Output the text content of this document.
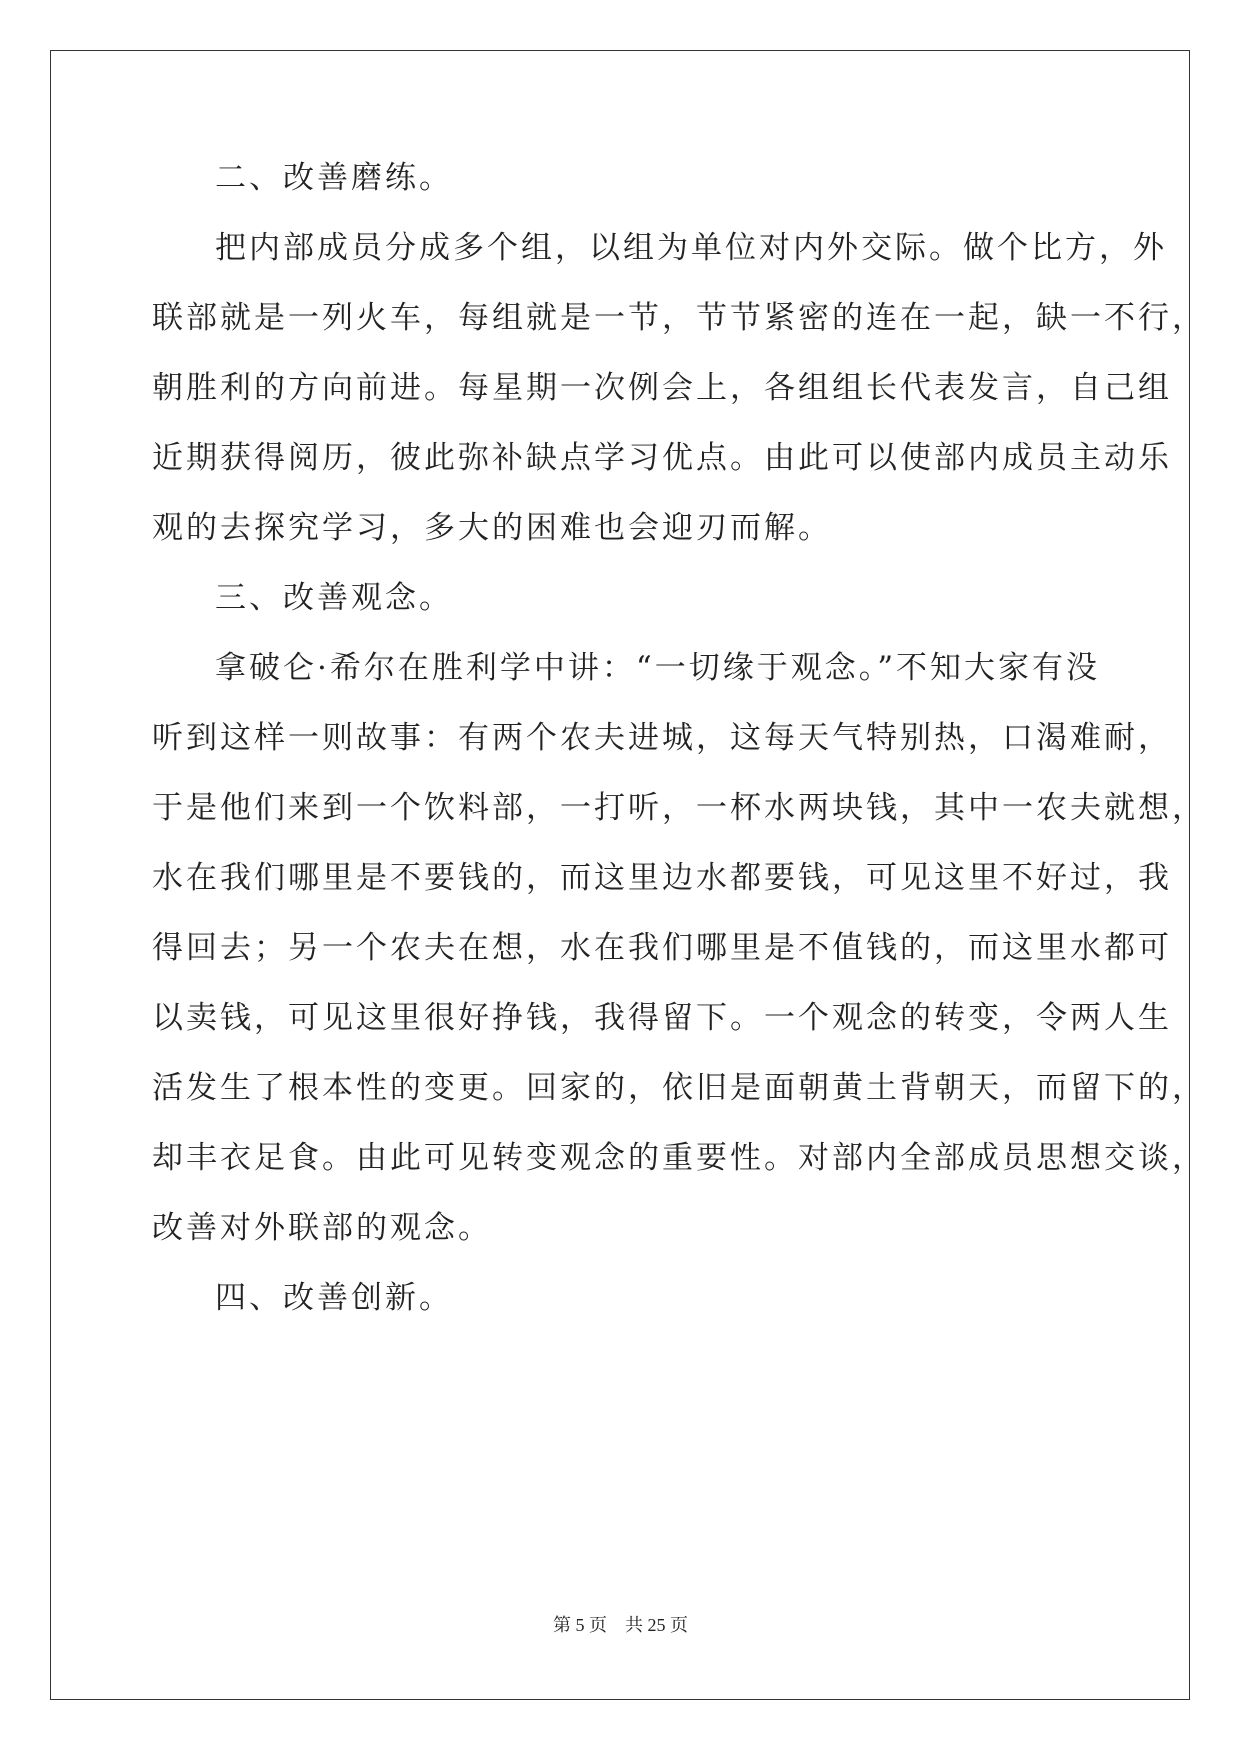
二、改善磨练。

把内部成员分成多个组，以组为单位对内外交际。做个比方，外

联部就是一列火车，每组就是一节，节节紧密的连在一起，缺一不行，

朝胜利的方向前进。每星期一次例会上，各组组长代表发言，自己组

近期获得阅历，彼此弥补缺点学习优点。由此可以使部内成员主动乐

观的去探究学习，多大的困难也会迎刃而解。

三、改善观念。

拿破仑·希尔在胜利学中讲：“一切缘于观念。”不知大家有没

听到这样一则故事：有两个农夫进城，这每天气特别热，口渴难耐，

于是他们来到一个饮料部，一打听，一杯水两块钱，其中一农夫就想，

水在我们哪里是不要钱的，而这里边水都要钱，可见这里不好过，我

得回去；另一个农夫在想，水在我们哪里是不值钱的，而这里水都可

以卖钱，可见这里很好挣钱，我得留下。一个观念的转变，令两人生

活发生了根本性的变更。回家的，依旧是面朝黄土背朝天，而留下的，

却丰衣足食。由此可见转变观念的重要性。对部内全部成员思想交谈，

改善对外联部的观念。

四、改善创新。

第 5 页 共 25 页
